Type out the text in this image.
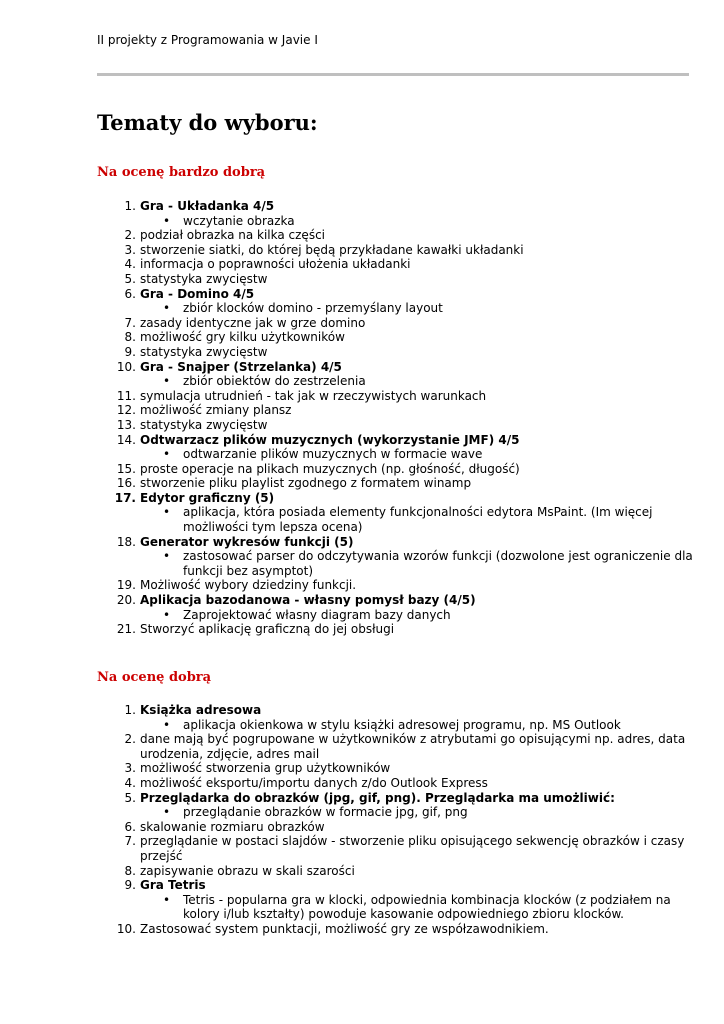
II projekty z Programowania w Javie I
Tematy do wyboru:
Na ocenę bardzo dobrą
1. Gra - Układanka 4/5
• wczytanie obrazka
2. podział obrazka na kilka części
3. stworzenie siatki, do której będą przykładane kawałki układanki
4. informacja o poprawności ułożenia układanki
5. statystyka zwycięstw
6. Gra - Domino 4/5
• zbiór klocków domino - przemyślany layout
7. zasady identyczne jak w grze domino
8. możliwość gry kilku użytkowników
9. statystyka zwycięstw
10. Gra - Snajper (Strzelanka) 4/5
• zbiór obiektów do zestrzelenia
11. symulacja utrudnień - tak jak w rzeczywistych warunkach
12. możliwość zmiany plansz
13. statystyka zwycięstw
14. Odtwarzacz plików muzycznych (wykorzystanie JMF) 4/5
• odtwarzanie plików muzycznych w formacie wave
15. proste operacje na plikach muzycznych (np. głośność, długość)
16. stworzenie pliku playlist zgodnego z formatem winamp
17. Edytor graficzny (5)
• aplikacja, która posiada elementy funkcjonalności edytora MsPaint. (Im więcej
możliwości tym lepsza ocena)
18. Generator wykresów funkcji (5)
• zastosować parser do odczytywania wzorów funkcji (dozwolone jest ograniczenie dla
funkcji bez asymptot)
19. Możliwość wybory dziedziny funkcji.
20. Aplikacja bazodanowa - własny pomysł bazy (4/5)
• Zaprojektować własny diagram bazy danych
21. Stworzyć aplikację graficzną do jej obsługi
Na ocenę dobrą
1. Książka adresowa
• aplikacja okienkowa w stylu książki adresowej programu, np. MS Outlook
2. dane mają być pogrupowane w użytkowników z atrybutami go opisującymi np. adres, data
urodzenia, zdjęcie, adres mail
3. możliwość stworzenia grup użytkowników
4. możliwość eksportu/importu danych z/do Outlook Express
5. Przeglądarka do obrazków (jpg, gif, png). Przeglądarka ma umożliwić:
• przeglądanie obrazków w formacie jpg, gif, png
6. skalowanie rozmiaru obrazków
7. przeglądanie w postaci slajdów - stworzenie pliku opisującego sekwencję obrazków i czasy
przejść
8. zapisywanie obrazu w skali szarości
9. Gra Tetris
• Tetris - popularna gra w klocki, odpowiednia kombinacja klocków (z podziałem na
kolory i/lub kształty) powoduje kasowanie odpowiedniego zbioru klocków.
10. Zastosować system punktacji, możliwość gry ze współzawodnikiem.
